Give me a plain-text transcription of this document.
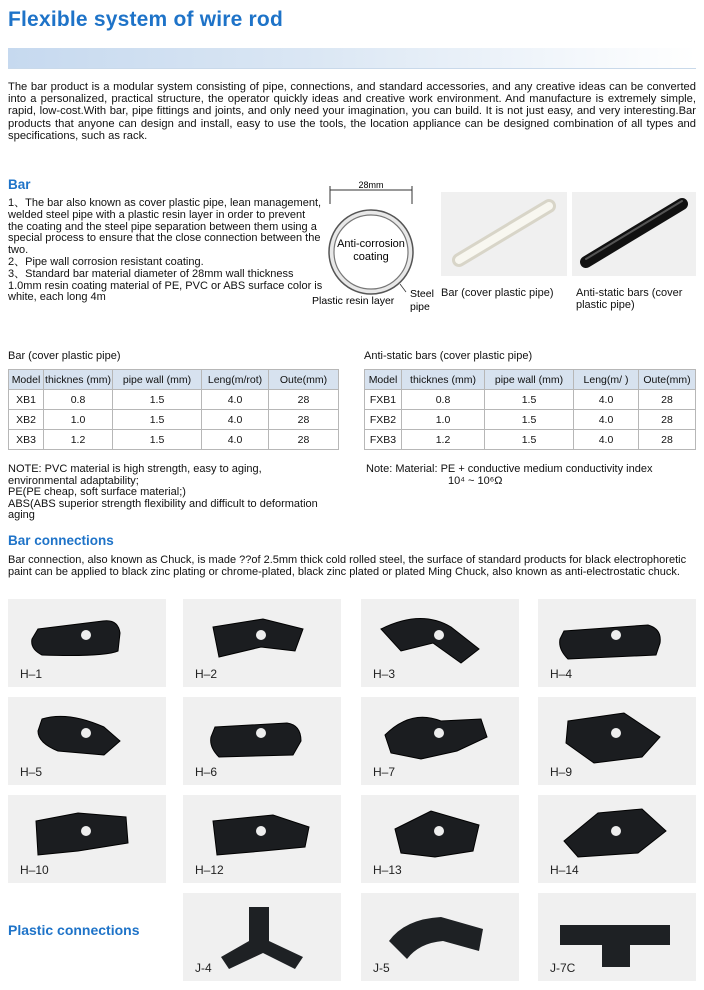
Flexible system of wire rod
The bar product is a modular system consisting of pipe, connections, and standard accessories, and any creative ideas can be converted into a personalized, practical structure, the operator quickly ideas and creative work environment. And manufacture is extremely simple, rapid, low-cost.With bar, pipe fittings and joints, and only need your imagination, you can build. It is not just easy, and very interesting.Bar products that anyone can design and install, easy to use the tools, the location appliance can be designed combination of all types and specifications, such as rack.
Bar

1、The bar also known as cover plastic pipe, lean management, welded steel pipe with a plastic resin layer in order to prevent the coating and the steel pipe separation between them using a special process to ensure that the close connection between the two.

2、Pipe wall corrosion resistant coating.

3、Standard bar material diameter of 28mm wall thickness 1.0mm resin coating material of PE, PVC or ABS surface color is white, each long 4m

28mm
Anti-corrosion
coating
Plastic resin layer
Steel
pipe
Bar (cover plastic pipe) Anti-static bars (cover
plastic pipe)
Bar (cover plastic pipe)
Model	thicknes (mm)	pipe wall (mm)	Leng(m/rot)	Oute(mm)
XB1	0.8	1.5	4.0	28
XB2	1.0	1.5	4.0	28
XB3	1.2	1.5	4.0	28
Anti-static bars (cover plastic pipe)
Model	thicknes (mm)	pipe wall (mm)	Leng(m/ )	Oute(mm)
FXB1	0.8	1.5	4.0	28
FXB2	1.0	1.5	4.0	28
FXB3	1.2	1.5	4.0	28

NOTE: PVC material is high strength, easy to aging, environmental adaptability;

PE(PE cheap, soft surface material;)

ABS(ABS superior strength flexibility and difficult to deformation aging

Note: Material: PE + conductive medium conductivity index

10⁴ ~ 10⁶Ω

Bar connections
Bar connection, also known as Chuck, is made ??of 2.5mm thick cold rolled steel, the surface of standard products for black electrophoretic paint can be applied to black zinc plating or chrome-plated, black zinc plated or plated Ming Chuck, also known as anti-electrostatic chuck.
H–1	H–2	H–3	H–4
H–5	H–6	H–7	H–9
H–10	H–12	H–13	H–14
J-4	J-5	J-7C
Plastic connections
